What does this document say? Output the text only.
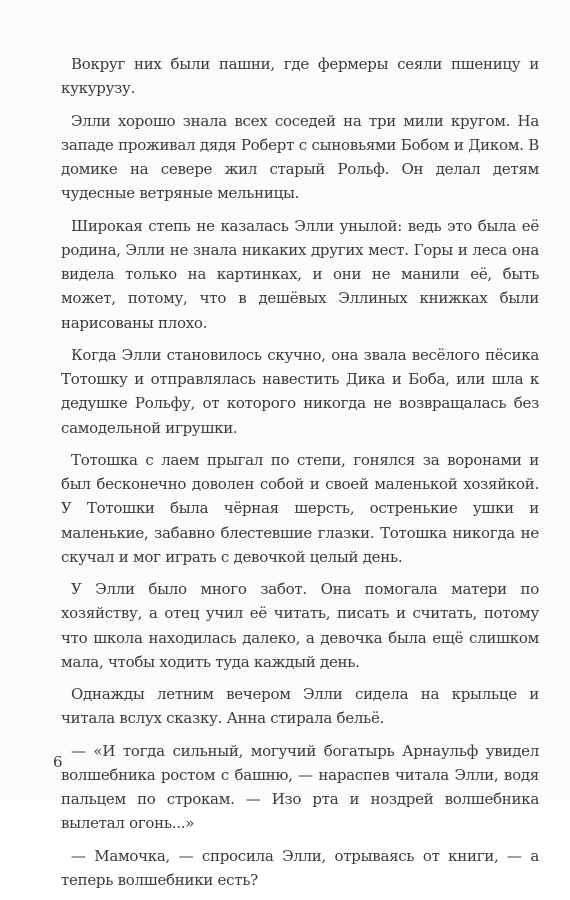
Вокруг них были пашни, где фермеры сеяли пшеницу и кукурузу.

Элли хорошо знала всех соседей на три мили кругом. На западе проживал дядя Роберт с сыновьями Бобом и Диком. В домике на севере жил старый Рольф. Он делал детям чудесные ветряные мельницы.

Широкая степь не казалась Элли унылой: ведь это была её родина, Элли не знала никаких других мест. Горы и леса она видела только на картинках, и они не манили её, быть может, потому, что в дешёвых Эллиных книжках были нарисованы плохо.

Когда Элли становилось скучно, она звала весёлого пёсика Тотошку и отправлялась навестить Дика и Боба, или шла к дедушке Рольфу, от которого никогда не возвращалась без самодельной игрушки.

Тотошка с лаем прыгал по степи, гонялся за воронами и был бесконечно доволен собой и своей маленькой хозяйкой. У Тотошки была чёрная шерсть, остренькие ушки и маленькие, забавно блестевшие глазки. Тотошка никогда не скучал и мог играть с девочкой целый день.

У Элли было много забот. Она помогала матери по хозяйству, а отец учил её читать, писать и считать, потому что школа находилась далеко, а девочка была ещё слишком мала, чтобы ходить туда каждый день.

Однажды летним вечером Элли сидела на крыльце и читала вслух сказку. Анна стирала бельё.

— «И тогда сильный, могучий богатырь Арнаульф увидел волшебника ростом с башню, — нараспев читала Элли, водя пальцем по строкам. — Изо рта и ноздрей волшебника вылетал огонь...»

— Мамочка, — спросила Элли, отрываясь от книги, — а теперь волшебники есть?

6
